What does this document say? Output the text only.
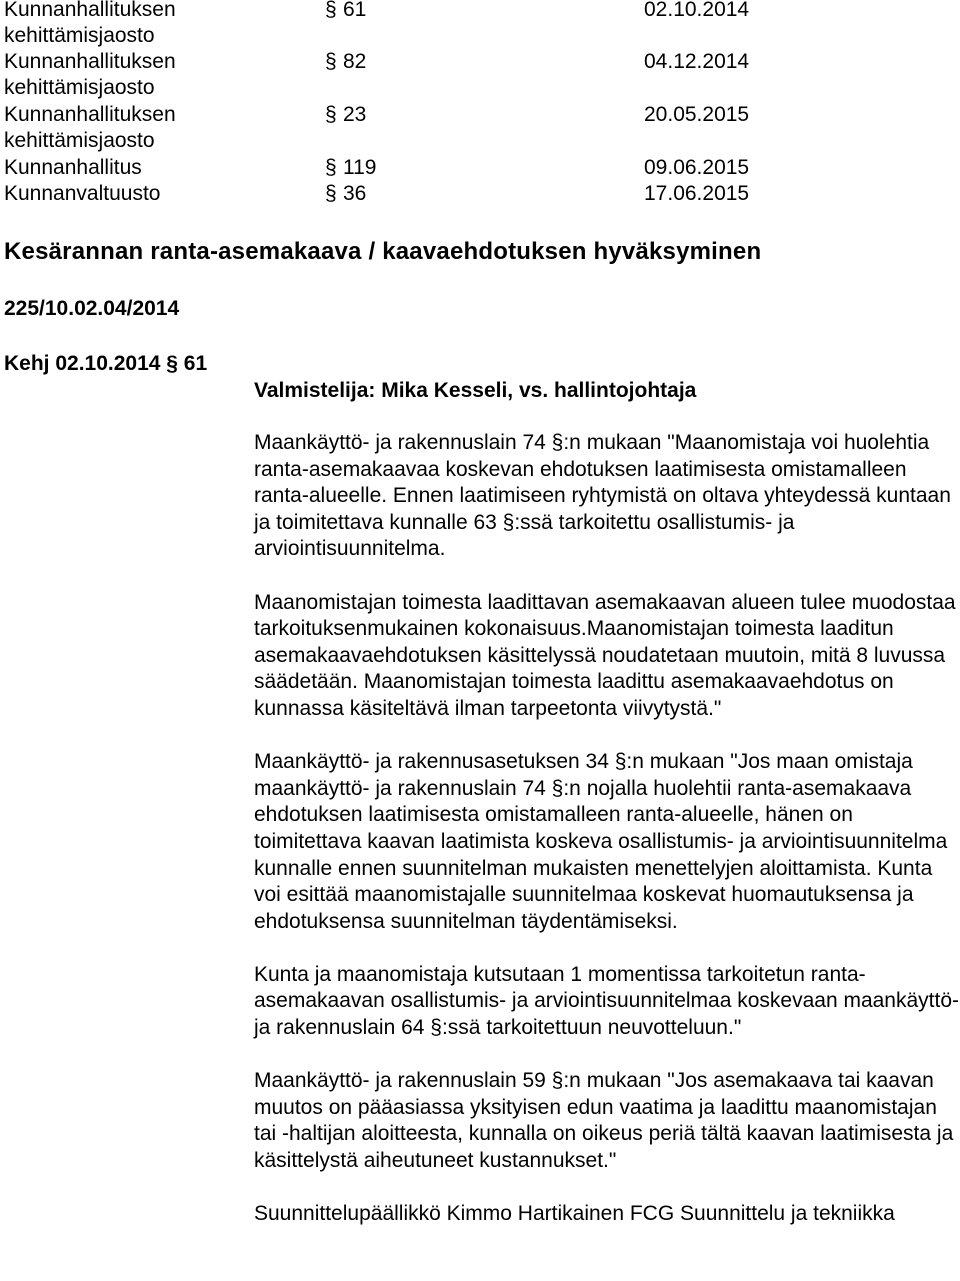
Kunnanhallituksen	§ 61	02.10.2014
kehittämisjaosto
Kunnanhallituksen	§ 82	04.12.2014
kehittämisjaosto
Kunnanhallituksen	§ 23	20.05.2015
kehittämisjaosto
Kunnanhallitus	§ 119	09.06.2015
Kunnanvaltuusto	§ 36	17.06.2015
Kesärannan ranta-asemakaava / kaavaehdotuksen hyväksyminen
225/10.02.04/2014
Kehj 02.10.2014 § 61
Valmistelija: Mika Kesseli, vs. hallintojohtaja

Maankäyttö- ja rakennuslain 74 §:n mukaan "Maanomistaja voi huolehtia ranta-asemakaavaa koskevan ehdotuksen laatimisesta omistamalleen ranta-alueelle. Ennen laatimiseen ryhtymistä on oltava yhteydessä kuntaan ja toimitettava kunnalle 63 §:ssä tarkoitettu osallistumis- ja arviointisuunnitelma.

Maanomistajan toimesta laadittavan asemakaavan alueen tulee muodostaa tarkoituksenmukainen kokonaisuus.Maanomistajan toimesta laaditun asemakaavaehdotuksen käsittelyssä noudatetaan muutoin, mitä 8 luvussa säädetään. Maanomistajan toimesta laadittu asemakaavaehdotus on kunnassa käsiteltävä ilman tarpeetonta viivytystä."

Maankäyttö- ja rakennusasetuksen 34 §:n mukaan "Jos maan omistaja maankäyttö- ja rakennuslain 74 §:n nojalla huolehtii ranta-asemakaava ehdotuksen laatimisesta omistamalleen ranta-alueelle, hänen on toimitettava kaavan laatimista koskeva osallistumis- ja arviointisuunnitelma kunnalle ennen suunnitelman mukaisten menettelyjen aloittamista. Kunta voi esittää maanomistajalle suunnitelmaa koskevat huomautuksensa ja ehdotuksensa suunnitelman täydentämiseksi.

Kunta ja maanomistaja kutsutaan 1 momentissa tarkoitetun ranta-asemakaavan osallistumis- ja arviointisuunnitelmaa koskevaan maankäyttö- ja rakennuslain 64 §:ssä tarkoitettuun neuvotteluun."

Maankäyttö- ja rakennuslain 59 §:n mukaan "Jos asemakaava tai kaavan muutos on pääasiassa yksityisen edun vaatima ja laadittu maanomistajan tai -haltijan aloitteesta, kunnalla on oikeus periä tältä kaavan laatimisesta ja käsittelystä aiheutuneet kustannukset."

Suunnittelupäällikkö Kimmo Hartikainen FCG Suunnittelu ja tekniikka
